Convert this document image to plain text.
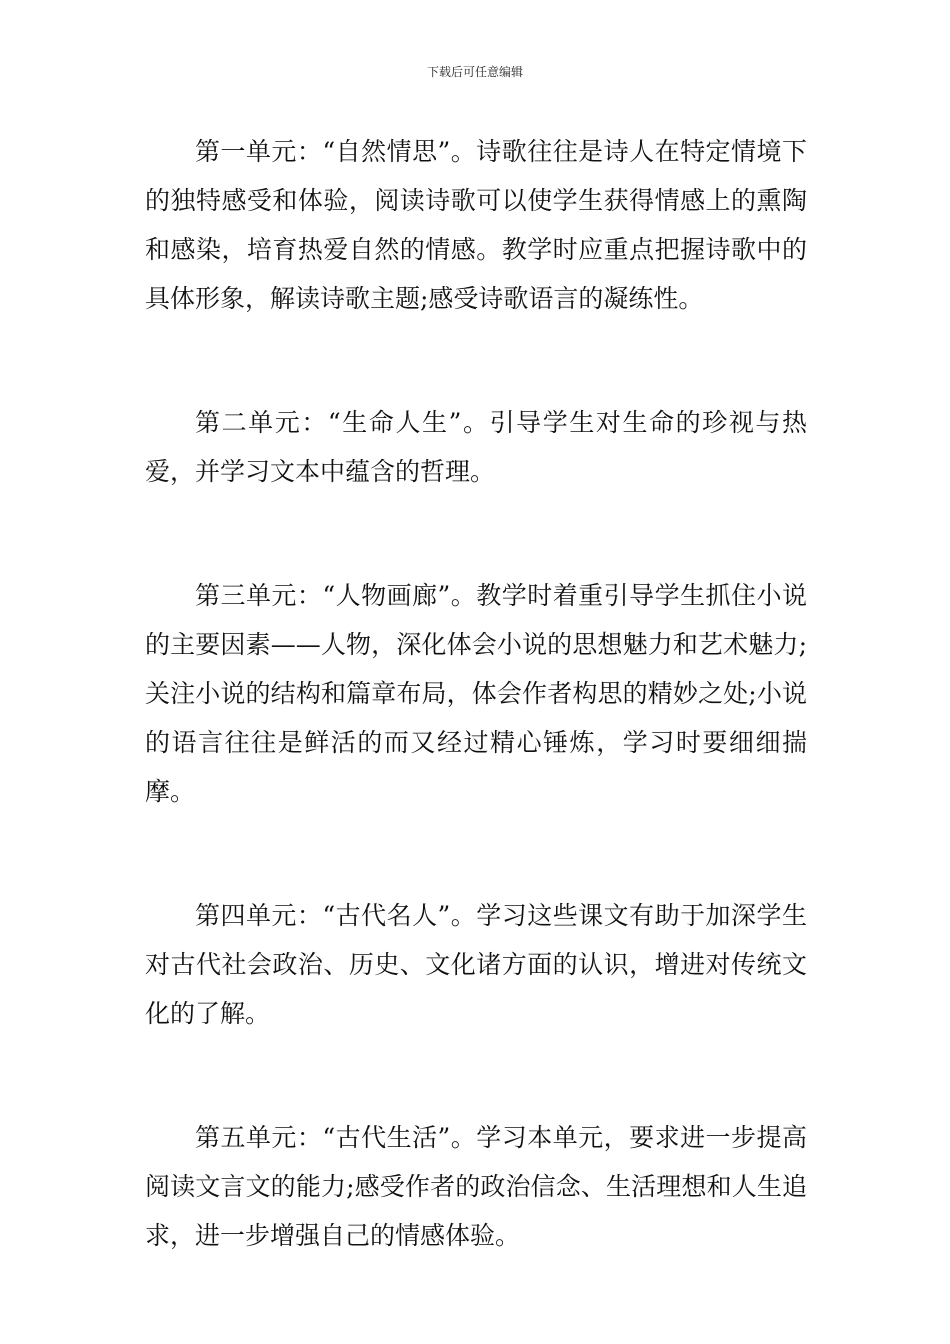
下载后可任意编辑

第一单元：“自然情思”。诗歌往往是诗人在特定情境下的独特感受和体验，阅读诗歌可以使学生获得情感上的熏陶和感染，培育热爱自然的情感。教学时应重点把握诗歌中的具体形象，解读诗歌主题;感受诗歌语言的凝练性。

第二单元：“生命人生”。引导学生对生命的珍视与热爱，并学习文本中蕴含的哲理。

第三单元：“人物画廊”。教学时着重引导学生抓住小说的主要因素——人物，深化体会小说的思想魅力和艺术魅力;关注小说的结构和篇章布局，体会作者构思的精妙之处;小说的语言往往是鲜活的而又经过精心锤炼，学习时要细细揣摩。

第四单元：“古代名人”。学习这些课文有助于加深学生对古代社会政治、历史、文化诸方面的认识，增进对传统文化的了解。

第五单元：“古代生活”。学习本单元，要求进一步提高阅读文言文的能力;感受作者的政治信念、生活理想和人生追求，进一步增强自己的情感体验。
